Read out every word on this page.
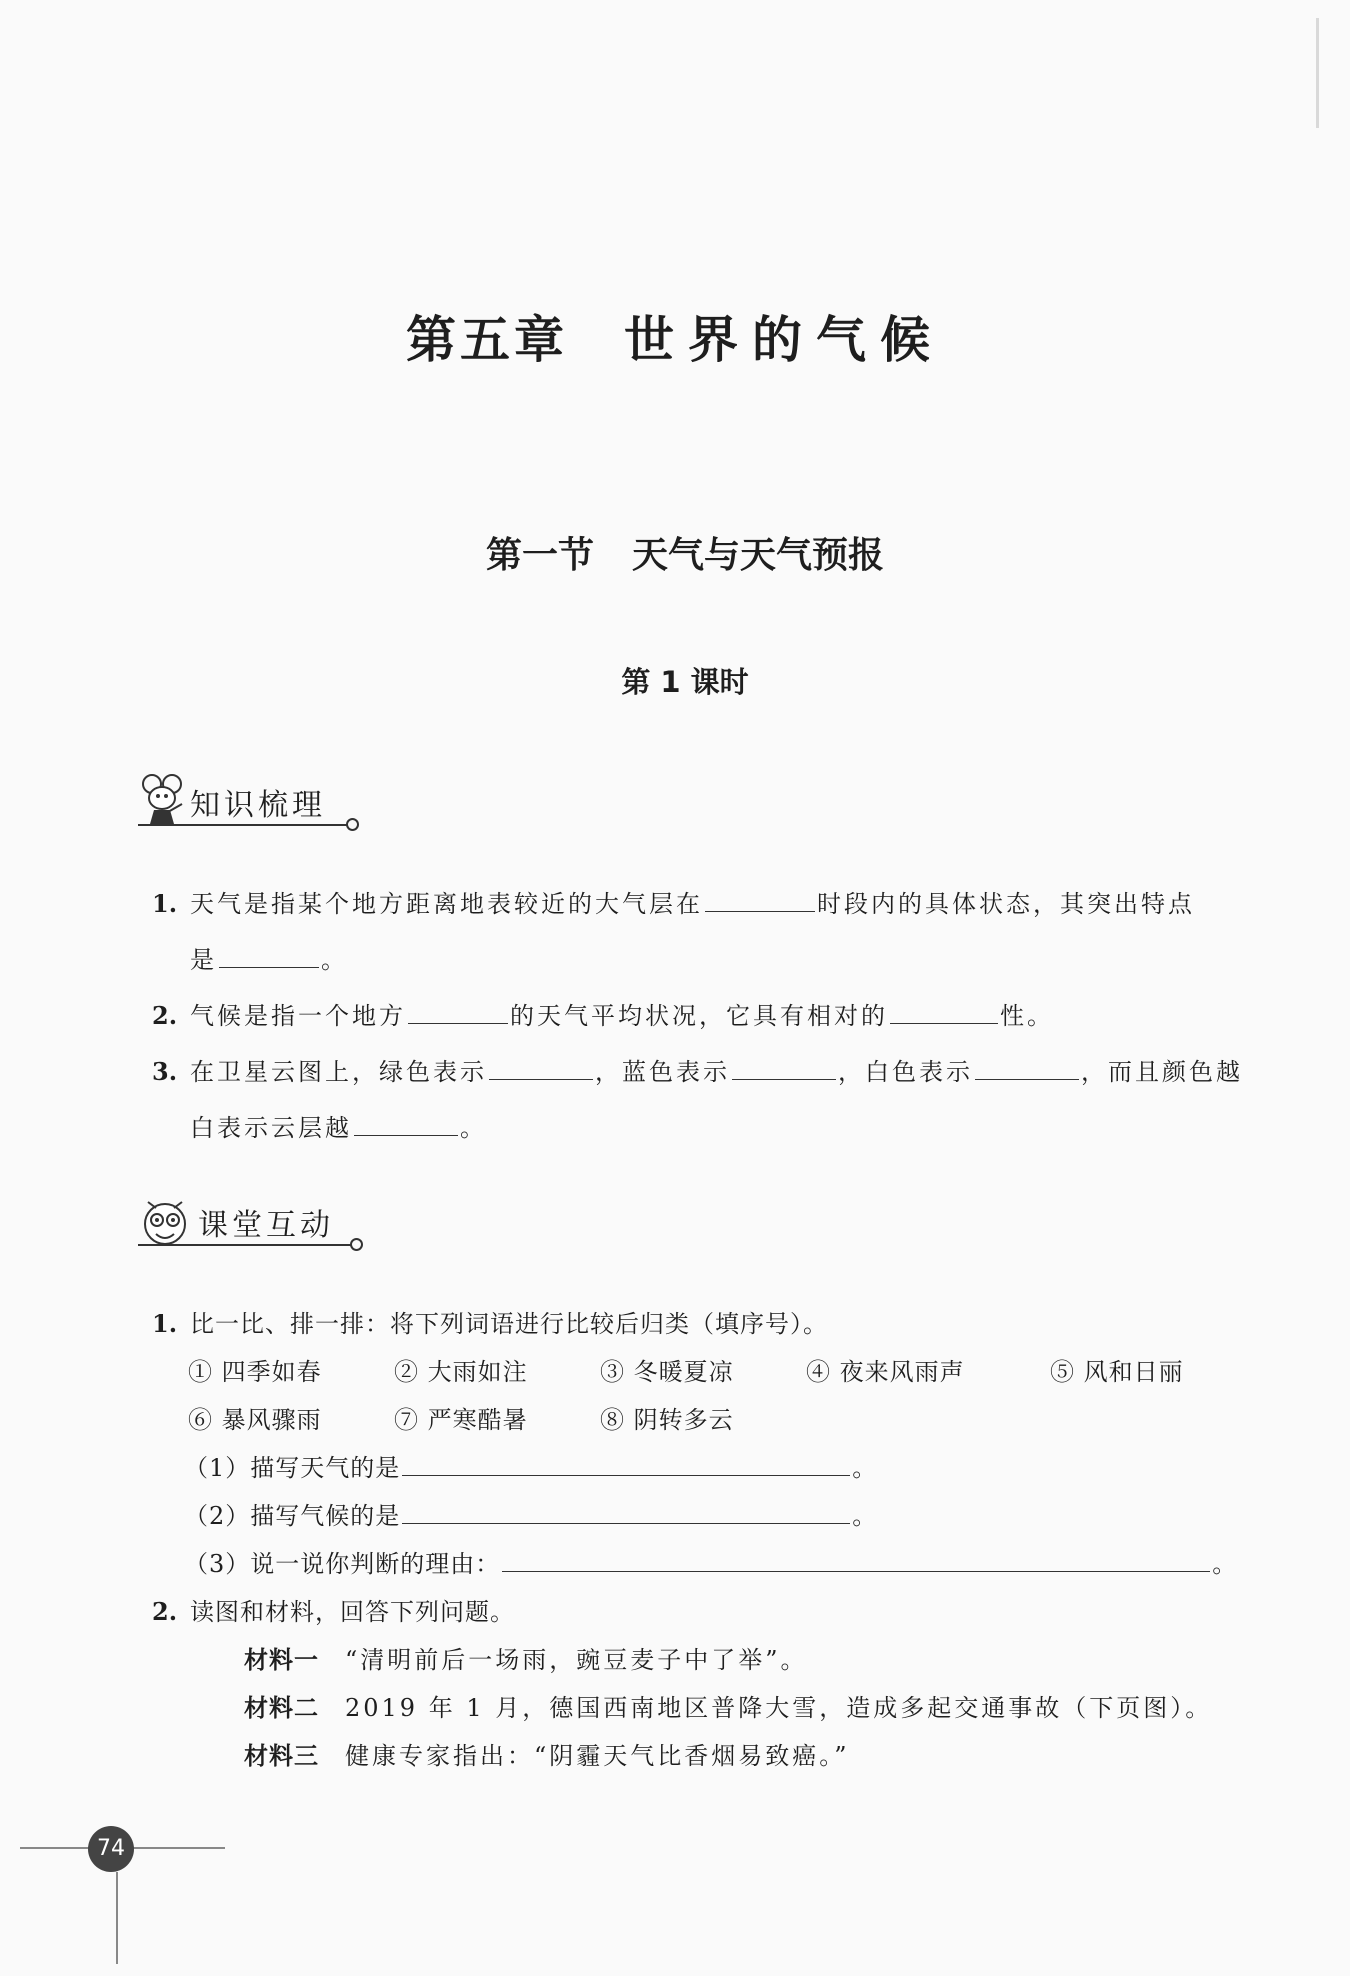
第五章 世界的气候
第一节 天气与天气预报
第 1 课时
知识梳理
1. 天气是指某个地方距离地表较近的大气层在	时段内的具体状态，其突出特点
是	。
2. 气候是指一个地方	的天气平均状况，它具有相对的	性。
3. 在卫星云图上，绿色表示	，蓝色表示	，白色表示	，而且颜色越
白表示云层越	。
课堂互动
1. 比一比、排一排：将下列词语进行比较后归类（填序号）。
① 四季如春	② 大雨如注	③ 冬暖夏凉	④ 夜来风雨声	⑤ 风和日丽
⑥ 暴风骤雨	⑦ 严寒酷暑	⑧ 阴转多云
（1）描写天气的是	。
（2）描写气候的是	。
（3）说一说你判断的理由：	。
2. 读图和材料，回答下列问题。
材料一 “清明前后一场雨，豌豆麦子中了举”。
材料二 2019 年 1 月，德国西南地区普降大雪，造成多起交通事故（下页图）。
材料三 健康专家指出：“阴霾天气比香烟易致癌。”
74
